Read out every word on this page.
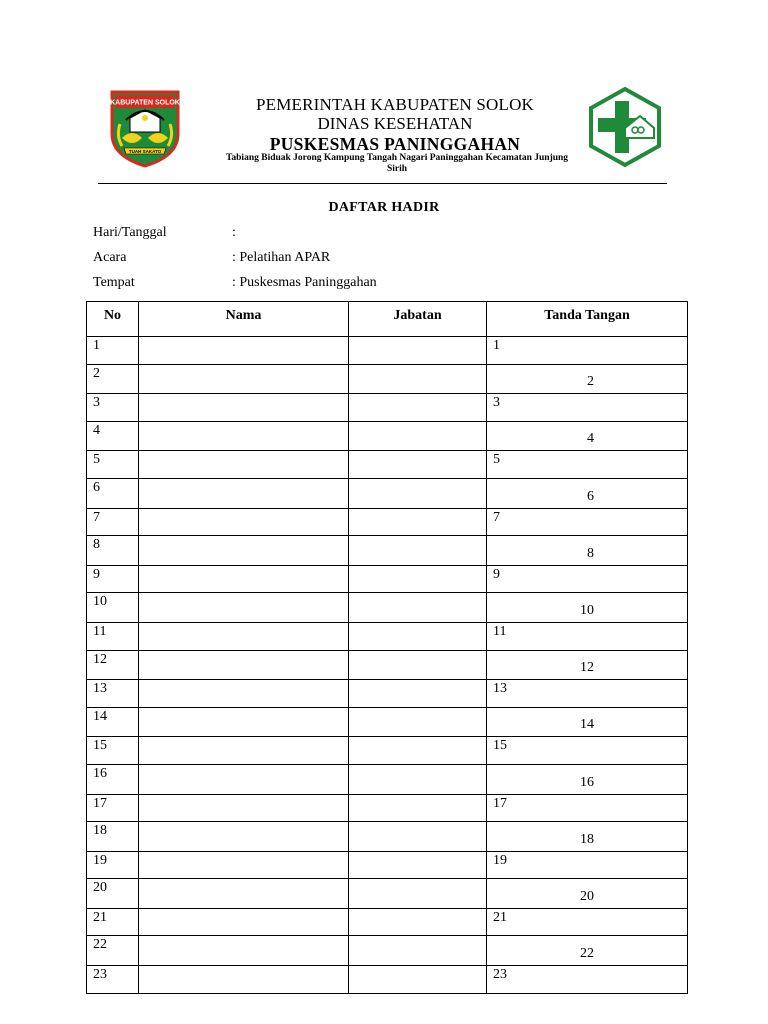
KABUPATEN SOLOK
TUAH SAKATO
PEMERINTAH KABUPATEN SOLOK
DINAS KESEHATAN
PUSKESMAS PANINGGAHAN
Tabiang Biduak Jorong Kampung Tangah Nagari Paninggahan Kecamatan Junjung Sirih
DAFTAR HADIR
Hari/Tanggal	:
Acara	: Pelatihan APAR
Tempat	: Puskesmas Paninggahan
No	Nama	Jabatan	Tanda Tangan
1			1
2			2
3			3
4			4
5			5
6			6
7			7
8			8
9			9
10			10
11			11
12			12
13			13
14			14
15			15
16			16
17			17
18			18
19			19
20			20
21			21
22			22
23			23
